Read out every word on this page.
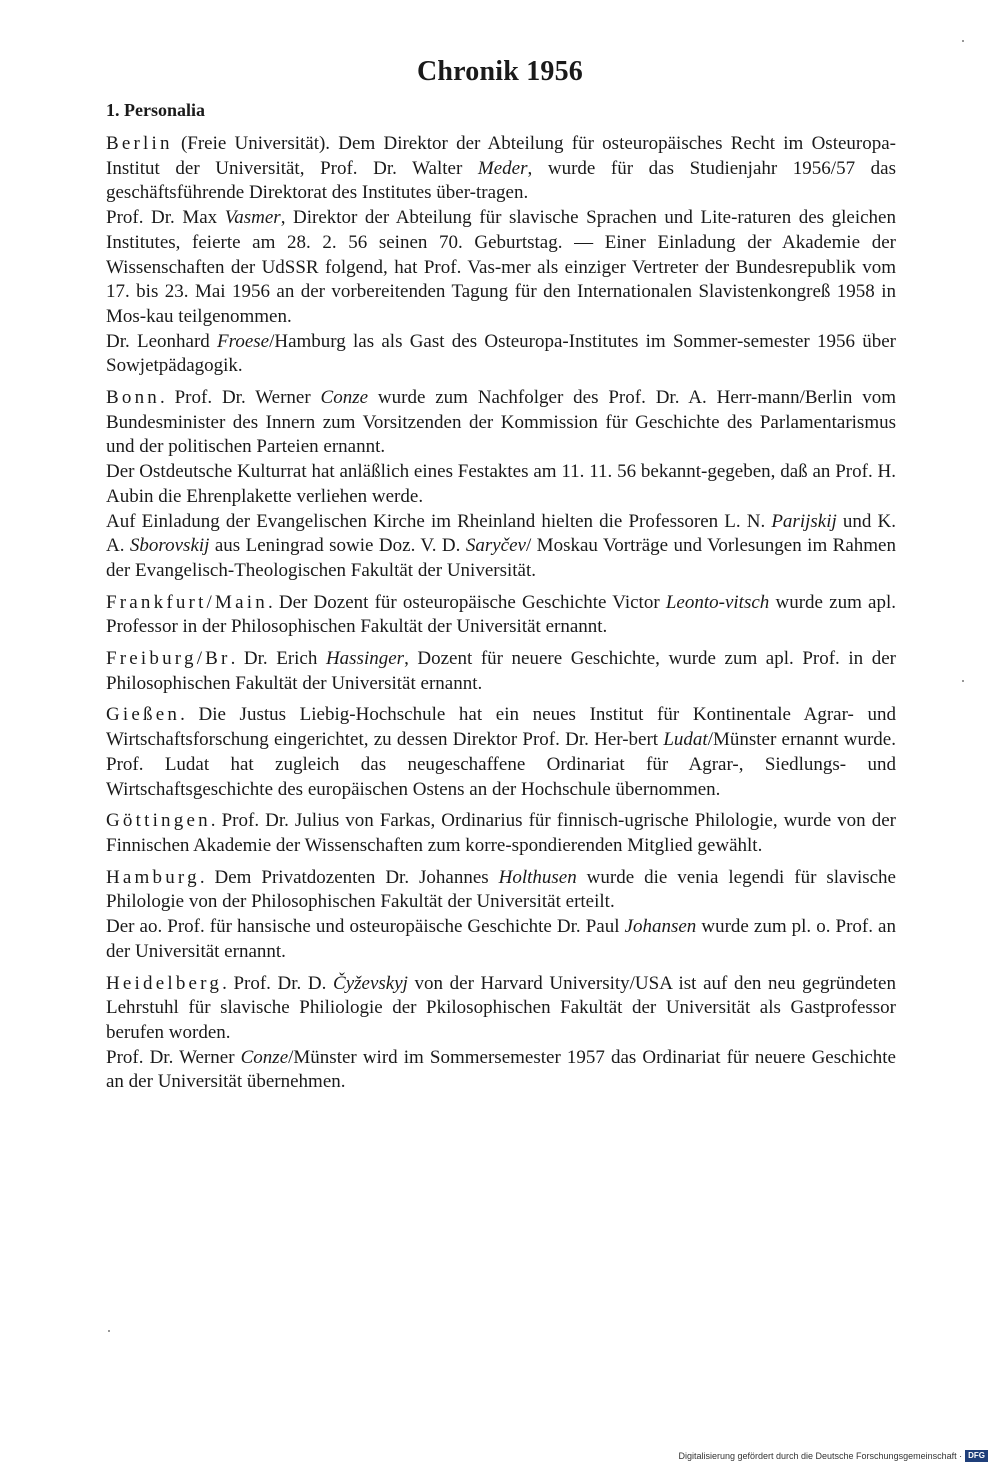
Chronik 1956
1. Personalia

Berlin (Freie Universität). Dem Direktor der Abteilung für osteuropäisches Recht im Osteuropa-Institut der Universität, Prof. Dr. Walter Meder, wurde für das Studienjahr 1956/57 das geschäftsführende Direktorat des Institutes über-tragen.

Prof. Dr. Max Vasmer, Direktor der Abteilung für slavische Sprachen und Lite-raturen des gleichen Institutes, feierte am 28. 2. 56 seinen 70. Geburtstag. — Einer Einladung der Akademie der Wissenschaften der UdSSR folgend, hat Prof. Vas-mer als einziger Vertreter der Bundesrepublik vom 17. bis 23. Mai 1956 an der vorbereitenden Tagung für den Internationalen Slavistenkongreß 1958 in Mos-kau teilgenommen.

Dr. Leonhard Froese/Hamburg las als Gast des Osteuropa-Institutes im Sommer-semester 1956 über Sowjetpädagogik.

Bonn. Prof. Dr. Werner Conze wurde zum Nachfolger des Prof. Dr. A. Herr-mann/Berlin vom Bundesminister des Innern zum Vorsitzenden der Kommission für Geschichte des Parlamentarismus und der politischen Parteien ernannt.

Der Ostdeutsche Kulturrat hat anläßlich eines Festaktes am 11. 11. 56 bekannt-gegeben, daß an Prof. H. Aubin die Ehrenplakette verliehen werde.

Auf Einladung der Evangelischen Kirche im Rheinland hielten die Professoren L. N. Parijskij und K. A. Sborovskij aus Leningrad sowie Doz. V. D. Saryčev/ Moskau Vorträge und Vorlesungen im Rahmen der Evangelisch-Theologischen Fakultät der Universität.

Frankfurt/Main. Der Dozent für osteuropäische Geschichte Victor Leonto-vitsch wurde zum apl. Professor in der Philosophischen Fakultät der Universität ernannt.

Freiburg/Br. Dr. Erich Hassinger, Dozent für neuere Geschichte, wurde zum apl. Prof. in der Philosophischen Fakultät der Universität ernannt.

Gießen. Die Justus Liebig-Hochschule hat ein neues Institut für Kontinentale Agrar- und Wirtschaftsforschung eingerichtet, zu dessen Direktor Prof. Dr. Her-bert Ludat/Münster ernannt wurde. Prof. Ludat hat zugleich das neugeschaffene Ordinariat für Agrar-, Siedlungs- und Wirtschaftsgeschichte des europäischen Ostens an der Hochschule übernommen.

Göttingen. Prof. Dr. Julius von Farkas, Ordinarius für finnisch-ugrische Philologie, wurde von der Finnischen Akademie der Wissenschaften zum korre-spondierenden Mitglied gewählt.

Hamburg. Dem Privatdozenten Dr. Johannes Holthusen wurde die venia legendi für slavische Philologie von der Philosophischen Fakultät der Universität erteilt.

Der ao. Prof. für hansische und osteuropäische Geschichte Dr. Paul Johansen wurde zum pl. o. Prof. an der Universität ernannt.

Heidelberg. Prof. Dr. D. Čyževskyj von der Harvard University/USA ist auf den neu gegründeten Lehrstuhl für slavische Philiologie der Pkilosophischen Fakultät der Universität als Gastprofessor berufen worden.

Prof. Dr. Werner Conze/Münster wird im Sommersemester 1957 das Ordinariat für neuere Geschichte an der Universität übernehmen.

Digitalisierung gefördert durch die Deutsche Forschungsgemeinschaft · DFG
